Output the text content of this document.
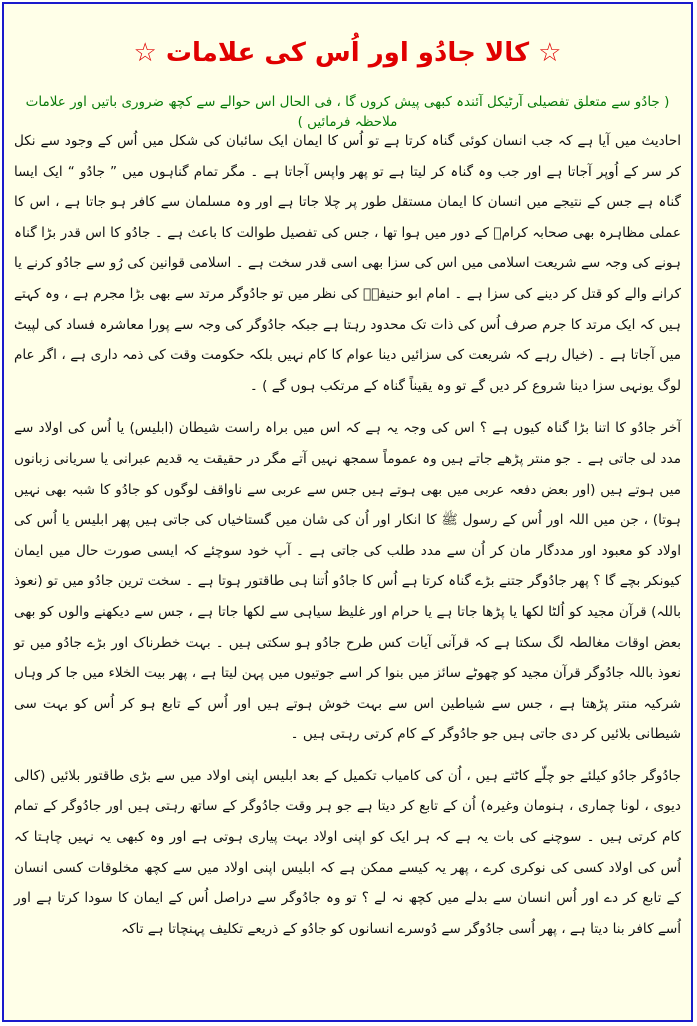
☆ کالا جادُو اور اُس کی علامات ☆

( جادُو سے متعلق تفصیلی آرٹیکل آئندہ کبھی پیش کروں گا ، فی الحال اس حوالے سے کچھ ضروری باتیں اور علامات ملاحظہ فرمائیں )

احادیث میں آیا ہے کہ جب انسان کوئی گناہ کرتا ہے تو اُس کا ایمان ایک سائبان کی شکل میں اُس کے وجود سے نکل کر سر کے اُوپر آجاتا ہے اور جب وہ گناہ کر لیتا ہے تو پھر واپس آجاتا ہے ۔ مگر تمام گناہوں میں ” جادُو “ ایک ایسا گناہ ہے جس کے نتیجے میں انسان کا ایمان مستقل طور پر چلا جاتا ہے اور وہ مسلمان سے کافر ہو جاتا ہے ، اس کا عملی مظاہرہ بھی صحابہ کرامؓ کے دور میں ہوا تھا ، جس کی تفصیل طوالت کا باعث ہے ۔ جادُو کا اس قدر بڑا گناہ ہونے کی وجہ سے شریعت اسلامی میں اس کی سزا بھی اسی قدر سخت ہے ۔ اسلامی قوانین کی رُو سے جادُو کرنے یا کرانے والے کو قتل کر دینے کی سزا ہے ۔ امام ابو حنیفہؒ کی نظر میں تو جادُوگر مرتد سے بھی بڑا مجرم ہے ، وہ کہتے ہیں کہ ایک مرتد کا جرم صرف اُس کی ذات تک محدود رہتا ہے جبکہ جادُوگر کی وجہ سے پورا معاشرہ فساد کی لپیٹ میں آجاتا ہے ۔ (خیال رہے کہ شریعت کی سزائیں دینا عوام کا کام نہیں بلکہ حکومت وقت کی ذمہ داری ہے ، اگر عام لوگ یونہی سزا دینا شروع کر دیں گے تو وہ یقیناً گناہ کے مرتکب ہوں گے ) ۔

آخر جادُو کا اتنا بڑا گناہ کیوں ہے ؟ اس کی وجہ یہ ہے کہ اس میں براہ راست شیطان (ابلیس) یا اُس کی اولاد سے مدد لی جاتی ہے ۔ جو منتر پڑھے جاتے ہیں وہ عموماً سمجھ نہیں آتے مگر در حقیقت یہ قدیم عبرانی یا سریانی زبانوں میں ہوتے ہیں (اور بعض دفعہ عربی میں بھی ہوتے ہیں جس سے عربی سے ناواقف لوگوں کو جادُو کا شبہ بھی نہیں ہوتا) ، جن میں اللہ اور اُس کے رسول ﷺ کا انکار اور اُن کی شان میں گستاخیاں کی جاتی ہیں پھر ابلیس یا اُس کی اولاد کو معبود اور مددگار مان کر اُن سے مدد طلب کی جاتی ہے ۔ آپ خود سوچئے کہ ایسی صورت حال میں ایمان کیونکر بچے گا ؟ پھر جادُوگر جتنے بڑے گناہ کرتا ہے اُس کا جادُو اُتنا ہی طاقتور ہوتا ہے ۔ سخت ترین جادُو میں تو (نعوذ باللہ) قرآن مجید کو اُلٹا لکھا یا پڑھا جاتا ہے یا حرام اور غلیظ سیاہی سے لکھا جاتا ہے ، جس سے دیکھنے والوں کو بھی بعض اوقات مغالطہ لگ سکتا ہے کہ قرآنی آیات کس طرح جادُو ہو سکتی ہیں ۔ بہت خطرناک اور بڑے جادُو میں تو نعوذ باللہ جادُوگر قرآن مجید کو چھوٹے سائز میں بنوا کر اسے جوتیوں میں پہن لیتا ہے ، پھر بیت الخلاء میں جا کر وہاں شرکیہ منتر پڑھتا ہے ، جس سے شیاطین اس سے بہت خوش ہوتے ہیں اور اُس کے تابع ہو کر اُس کو بہت سی شیطانی بلائیں کر دی جاتی ہیں جو جادُوگر کے کام کرتی رہتی ہیں ۔

جادُوگر جادُو کیلئے جو چلّے کاٹتے ہیں ، اُن کی کامیاب تکمیل کے بعد ابلیس اپنی اولاد میں سے بڑی طاقتور بلائیں (کالی دیوی ، لونا چماری ، ہنومان وغیرہ) اُن کے تابع کر دیتا ہے جو ہر وقت جادُوگر کے ساتھ رہتی ہیں اور جادُوگر کے تمام کام کرتی ہیں ۔ سوچنے کی بات یہ ہے کہ ہر ایک کو اپنی اولاد بہت پیاری ہوتی ہے اور وہ کبھی یہ نہیں چاہتا کہ اُس کی اولاد کسی کی نوکری کرے ، پھر یہ کیسے ممکن ہے کہ ابلیس اپنی اولاد میں سے کچھ مخلوقات کسی انسان کے تابع کر دے اور اُس انسان سے بدلے میں کچھ نہ لے ؟ تو وہ جادُوگر سے دراصل اُس کے ایمان کا سودا کرتا ہے اور اُسے کافر بنا دیتا ہے ، پھر اُسی جادُوگر سے دُوسرے انسانوں کو جادُو کے ذریعے تکلیف پہنچاتا ہے تاکہ
